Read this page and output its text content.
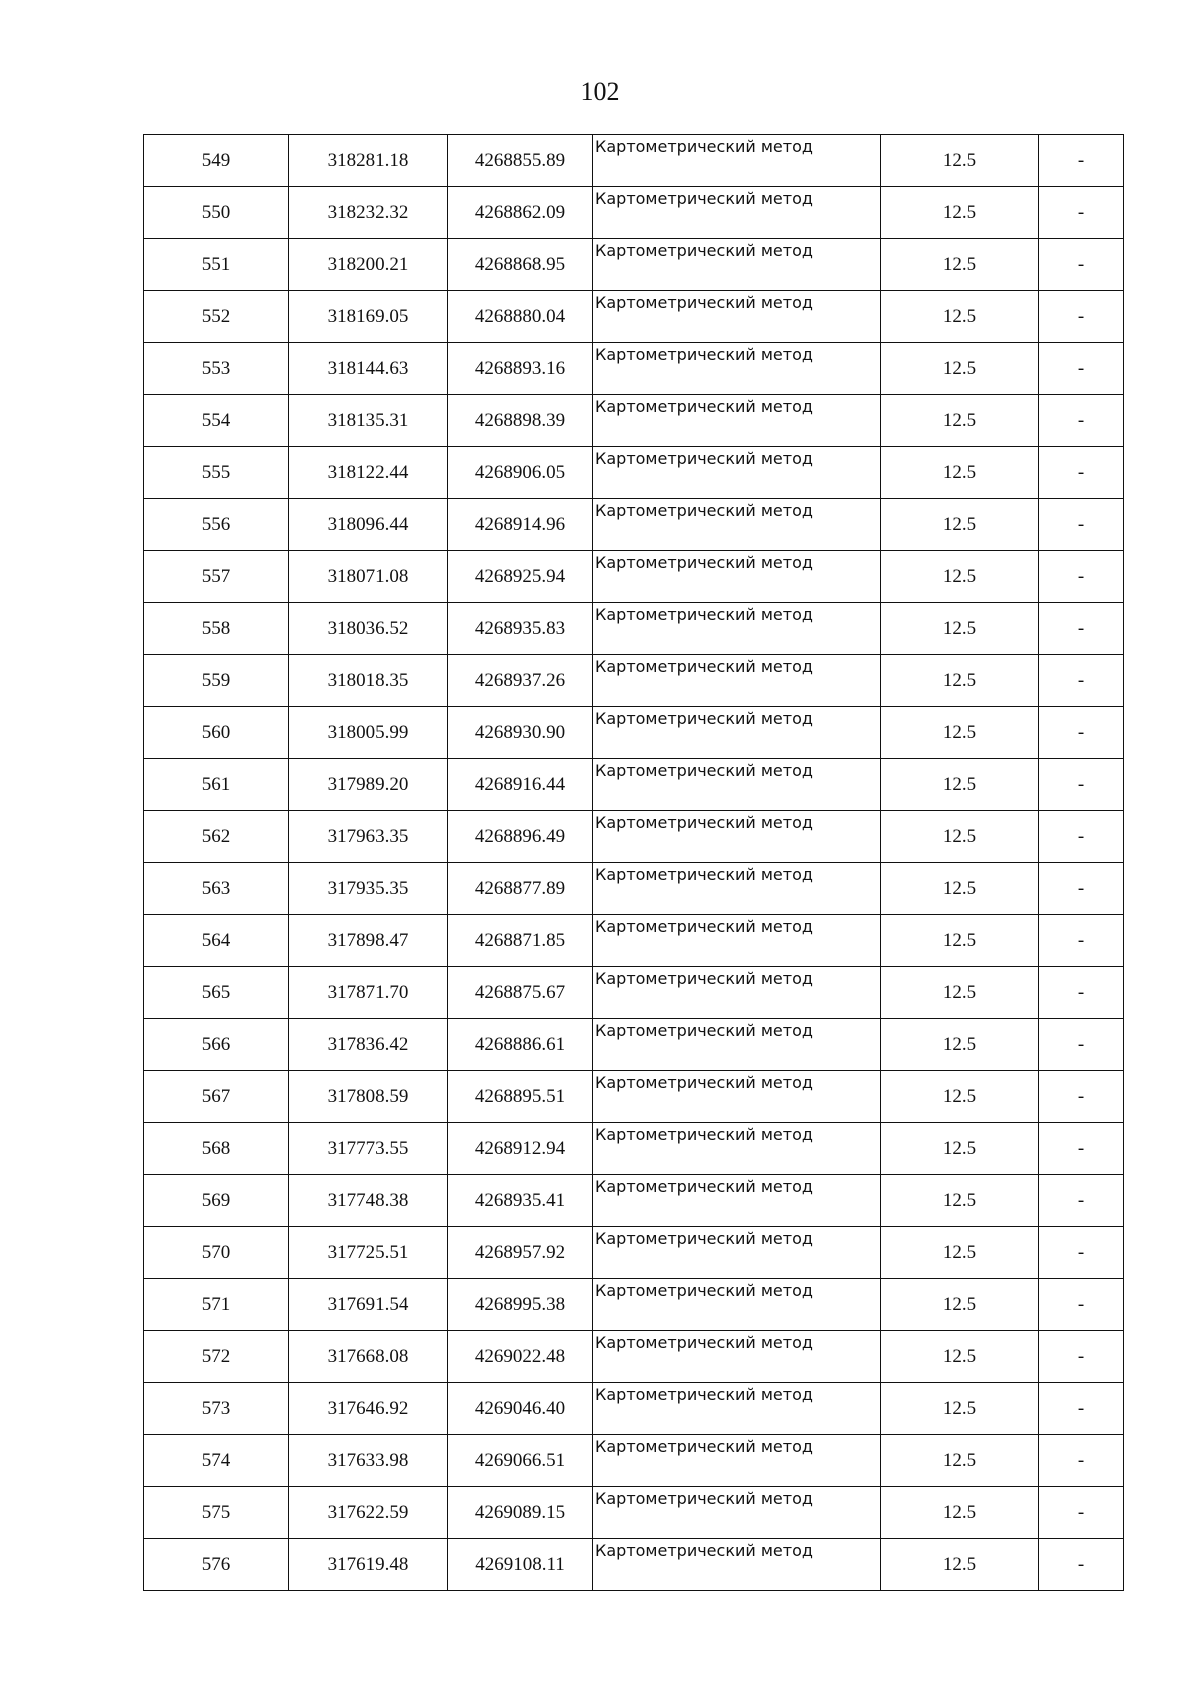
102
549	318281.18	4268855.89	Картометрический метод	12.5	-
550	318232.32	4268862.09	Картометрический метод	12.5	-
551	318200.21	4268868.95	Картометрический метод	12.5	-
552	318169.05	4268880.04	Картометрический метод	12.5	-
553	318144.63	4268893.16	Картометрический метод	12.5	-
554	318135.31	4268898.39	Картометрический метод	12.5	-
555	318122.44	4268906.05	Картометрический метод	12.5	-
556	318096.44	4268914.96	Картометрический метод	12.5	-
557	318071.08	4268925.94	Картометрический метод	12.5	-
558	318036.52	4268935.83	Картометрический метод	12.5	-
559	318018.35	4268937.26	Картометрический метод	12.5	-
560	318005.99	4268930.90	Картометрический метод	12.5	-
561	317989.20	4268916.44	Картометрический метод	12.5	-
562	317963.35	4268896.49	Картометрический метод	12.5	-
563	317935.35	4268877.89	Картометрический метод	12.5	-
564	317898.47	4268871.85	Картометрический метод	12.5	-
565	317871.70	4268875.67	Картометрический метод	12.5	-
566	317836.42	4268886.61	Картометрический метод	12.5	-
567	317808.59	4268895.51	Картометрический метод	12.5	-
568	317773.55	4268912.94	Картометрический метод	12.5	-
569	317748.38	4268935.41	Картометрический метод	12.5	-
570	317725.51	4268957.92	Картометрический метод	12.5	-
571	317691.54	4268995.38	Картометрический метод	12.5	-
572	317668.08	4269022.48	Картометрический метод	12.5	-
573	317646.92	4269046.40	Картометрический метод	12.5	-
574	317633.98	4269066.51	Картометрический метод	12.5	-
575	317622.59	4269089.15	Картометрический метод	12.5	-
576	317619.48	4269108.11	Картометрический метод	12.5	-
